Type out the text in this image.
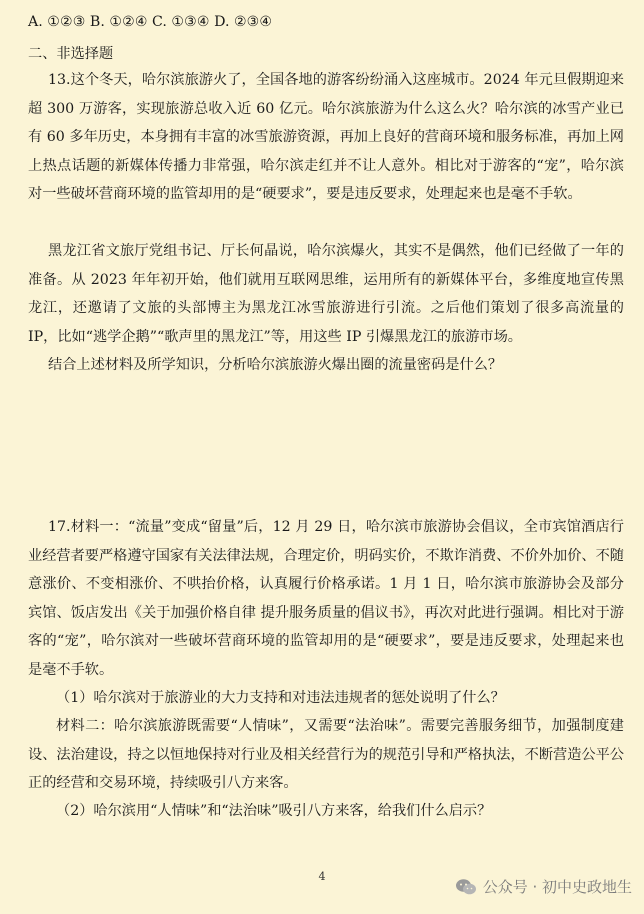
A. ①②③ B. ①②④ C. ①③④ D. ②③④
二、非选择题
13.这个冬天，哈尔滨旅游火了，全国各地的游客纷纷涌入这座城市。2024 年元旦假期迎来超 300 万游客，实现旅游总收入近 60 亿元。哈尔滨旅游为什么这么火？哈尔滨的冰雪产业已有 60 多年历史，本身拥有丰富的冰雪旅游资源，再加上良好的营商环境和服务标准，再加上网上热点话题的新媒体传播力非常强，哈尔滨走红并不让人意外。相比对于游客的“宠”，哈尔滨对一些破坏营商环境的监管却用的是“硬要求”，要是违反要求，处理起来也是毫不手软。
黑龙江省文旅厅党组书记、厅长何晶说，哈尔滨爆火，其实不是偶然，他们已经做了一年的准备。从 2023 年年初开始，他们就用互联网思维，运用所有的新媒体平台，多维度地宣传黑龙江，还邀请了文旅的头部博主为黑龙江冰雪旅游进行引流。之后他们策划了很多高流量的 IP，比如“逃学企鹅”“歌声里的黑龙江”等，用这些 IP 引爆黑龙江的旅游市场。
结合上述材料及所学知识，分析哈尔滨旅游火爆出圈的流量密码是什么？
17.材料一：“流量”变成“留量”后，12 月 29 日，哈尔滨市旅游协会倡议，全市宾馆酒店行业经营者要严格遵守国家有关法律法规，合理定价，明码实价，不欺诈消费、不价外加价、不随意涨价、不变相涨价、不哄抬价格，认真履行价格承诺。1 月 1 日，哈尔滨市旅游协会及部分宾馆、饭店发出《关于加强价格自律 提升服务质量的倡议书》，再次对此进行强调。相比对于游客的“宠”，哈尔滨对一些破坏营商环境的监管却用的是“硬要求”，要是违反要求，处理起来也是毫不手软。
（1）哈尔滨对于旅游业的大力支持和对违法违规者的惩处说明了什么？
材料二：哈尔滨旅游既需要“人情味”，又需要“法治味”。需要完善服务细节，加强制度建设、法治建设，持之以恒地保持对行业及相关经营行为的规范引导和严格执法，不断营造公平公正的经营和交易环境，持续吸引八方来客。
（2）哈尔滨用“人情味”和“法治味”吸引八方来客，给我们什么启示？
4
公众号 · 初中史政地生
